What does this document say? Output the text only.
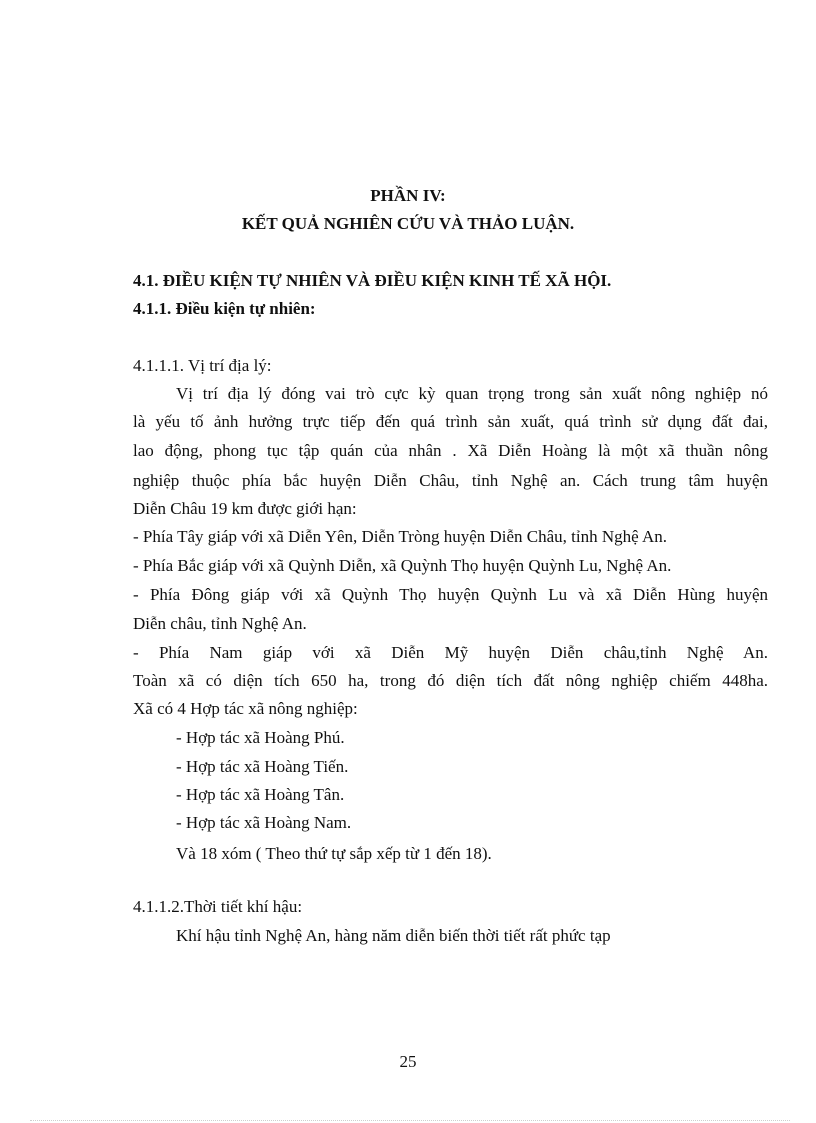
PHẦN IV:
KẾT QUẢ NGHIÊN CỨU VÀ THẢO LUẬN.
4.1. ĐIỀU KIỆN TỰ NHIÊN VÀ ĐIỀU KIỆN KINH TẾ XÃ HỘI.
4.1.1. Điều kiện tự nhiên:
4.1.1.1. Vị trí địa lý:
Vị trí địa lý đóng vai trò cực kỳ quan trọng trong sản xuất nông nghiệp nó
là yếu tố ảnh hưởng trực tiếp đến quá trình sản xuất, quá trình sử dụng đất đai,
lao động, phong tục tập quán của nhân . Xã Diễn Hoàng là một xã thuần nông
nghiệp thuộc phía bắc huyện Diễn Châu, tỉnh Nghệ an. Cách trung tâm huyện
Diễn Châu 19 km được giới hạn:
- Phía Tây giáp với xã Diễn Yên, Diễn Tròng huyện Diễn Châu, tỉnh Nghệ An.
- Phía Bắc giáp với xã Quỳnh Diễn, xã Quỳnh Thọ huyện Quỳnh Lu, Nghệ An.
- Phía Đông giáp với xã Quỳnh Thọ huyện Quỳnh Lu và xã Diễn Hùng huyện
Diễn châu, tỉnh Nghệ An.
- Phía Nam giáp với xã Diễn Mỹ huyện Diễn châu,tỉnh Nghệ An.
Toàn xã có diện tích 650 ha, trong đó diện tích đất nông nghiệp chiếm 448ha.
Xã có 4 Hợp tác xã nông nghiệp:
- Hợp tác xã Hoàng Phú.
- Hợp tác xã Hoàng Tiến.
- Hợp tác xã Hoàng Tân.
- Hợp tác xã Hoàng Nam.
Và 18 xóm ( Theo thứ tự sắp xếp từ 1 đến 18).
4.1.1.2.Thời tiết khí hậu:
Khí hậu tỉnh Nghệ An, hàng năm diễn biến thời tiết rất phức tạp
25
